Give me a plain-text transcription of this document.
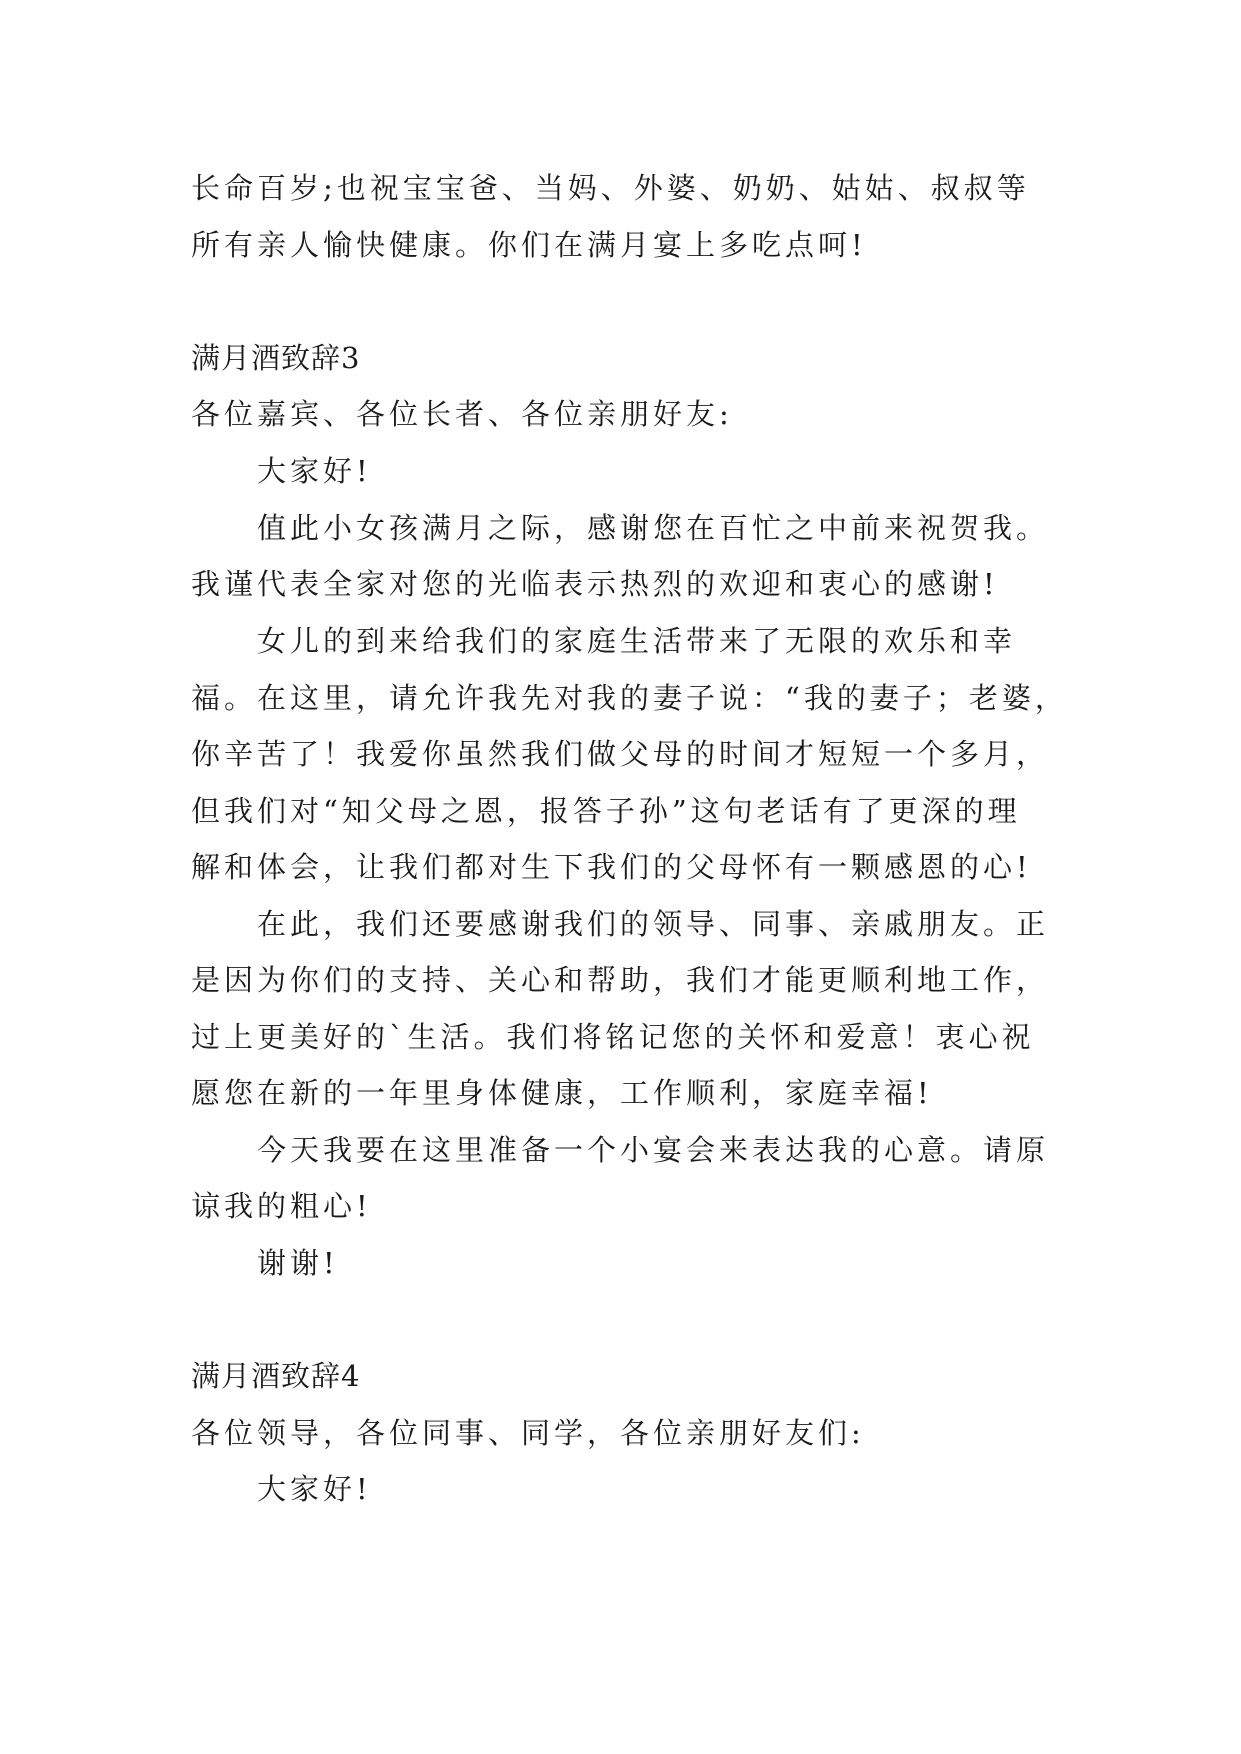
长命百岁;也祝宝宝爸、当妈、外婆、奶奶、姑姑、叔叔等
所有亲人愉快健康。你们在满月宴上多吃点呵!
满月酒致辞3
各位嘉宾、各位长者、各位亲朋好友:
大家好!
值此小女孩满月之际，感谢您在百忙之中前来祝贺我。
我谨代表全家对您的光临表示热烈的欢迎和衷心的感谢!
女儿的到来给我们的家庭生活带来了无限的欢乐和幸
福。在这里，请允许我先对我的妻子说：“我的妻子；老婆，
你辛苦了！我爱你虽然我们做父母的时间才短短一个多月，
但我们对“知父母之恩，报答子孙”这句老话有了更深的理
解和体会，让我们都对生下我们的父母怀有一颗感恩的心!
在此，我们还要感谢我们的领导、同事、亲戚朋友。正
是因为你们的支持、关心和帮助，我们才能更顺利地工作，
过上更美好的`生活。我们将铭记您的关怀和爱意！衷心祝
愿您在新的一年里身体健康，工作顺利，家庭幸福!
今天我要在这里准备一个小宴会来表达我的心意。请原
谅我的粗心!
谢谢!
满月酒致辞4
各位领导，各位同事、同学，各位亲朋好友们:
大家好!
